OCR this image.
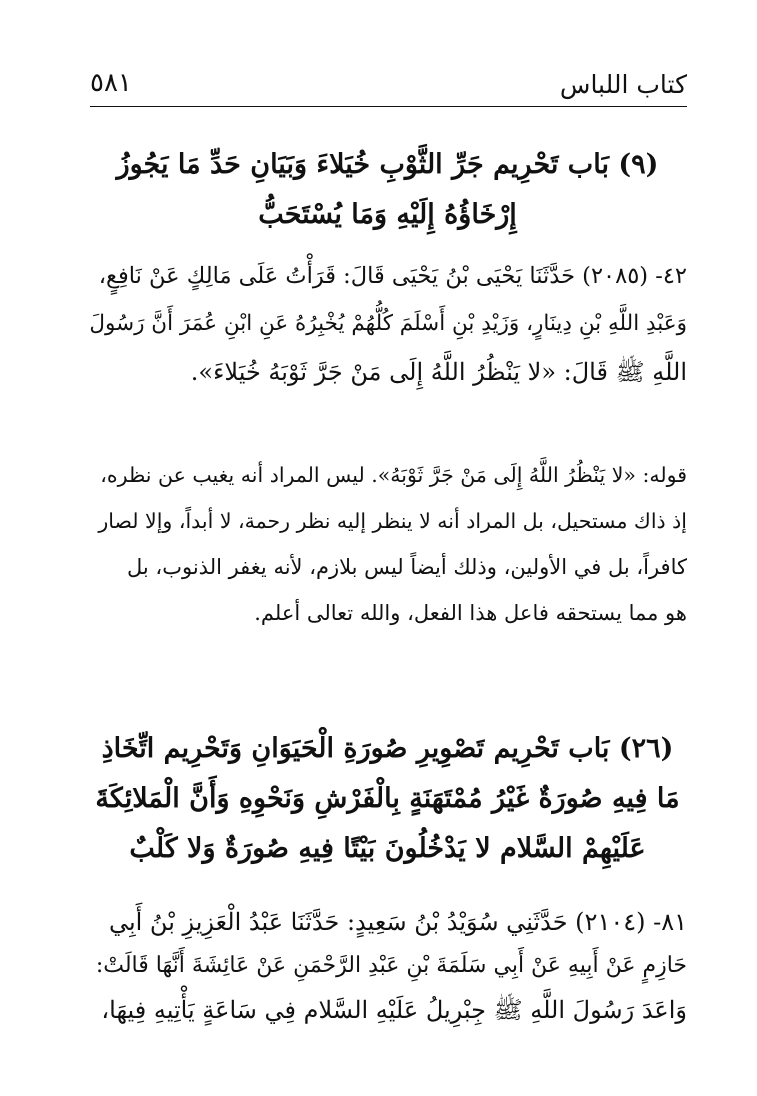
٥٨١	كتاب اللباس
(٩) بَاب تَحْرِيم جَرِّ الثَّوْبِ خُيَلاءَ وَبَيَانِ حَدِّ مَا يَجُوزُ
إِرْخَاؤُهُ إِلَيْهِ وَمَا يُسْتَحَبُّ
٤٢- (٢٠٨٥) حَدَّثَنَا يَحْيَى بْنُ يَحْيَى قَالَ: قَرَأْتُ عَلَى مَالِكٍ عَنْ نَافِعٍ،
وَعَبْدِ اللَّهِ بْنِ دِينَارٍ، وَزَيْدِ بْنِ أَسْلَمَ كُلُّهُمْ يُخْبِرُهُ عَنِ ابْنِ عُمَرَ أَنَّ رَسُولَ
اللَّهِ ﷺ قَالَ: «لا يَنْظُرُ اللَّهُ إِلَى مَنْ جَرَّ ثَوْبَهُ خُيَلاءَ».
قوله: «لا يَنْظُرُ اللَّهُ إِلَى مَنْ جَرَّ ثَوْبَهُ». ليس المراد أنه يغيب عن نظره،
إذ ذاك مستحيل، بل المراد أنه لا ينظر إليه نظر رحمة، لا أبداً، وإلا لصار
كافراً، بل في الأولين، وذلك أيضاً ليس بلازم، لأنه يغفر الذنوب، بل
هو مما يستحقه فاعل هذا الفعل، والله تعالى أعلم.
(٢٦) بَاب تَحْرِيم تَصْوِيرِ صُورَةِ الْحَيَوَانِ وَتَحْرِيم اتِّخَاذِ
مَا فِيهِ صُورَةٌ غَيْرُ مُمْتَهَنَةٍ بِالْفَرْشِ وَنَحْوِهِ وَأَنَّ الْمَلائِكَةَ
عَلَيْهِمْ السَّلام لا يَدْخُلُونَ بَيْتًا فِيهِ صُورَةٌ وَلا كَلْبٌ
٨١- (٢١٠٤) حَدَّثَنِي سُوَيْدُ بْنُ سَعِيدٍ: حَدَّثَنَا عَبْدُ الْعَزِيزِ بْنُ أَبِي
حَازِمٍ عَنْ أَبِيهِ عَنْ أَبِي سَلَمَةَ بْنِ عَبْدِ الرَّحْمَنِ عَنْ عَائِشَةَ أَنَّهَا قَالَتْ:
وَاعَدَ رَسُولَ اللَّهِ ﷺ جِبْرِيلُ عَلَيْهِ السَّلام فِي سَاعَةٍ يَأْتِيهِ فِيهَا،
